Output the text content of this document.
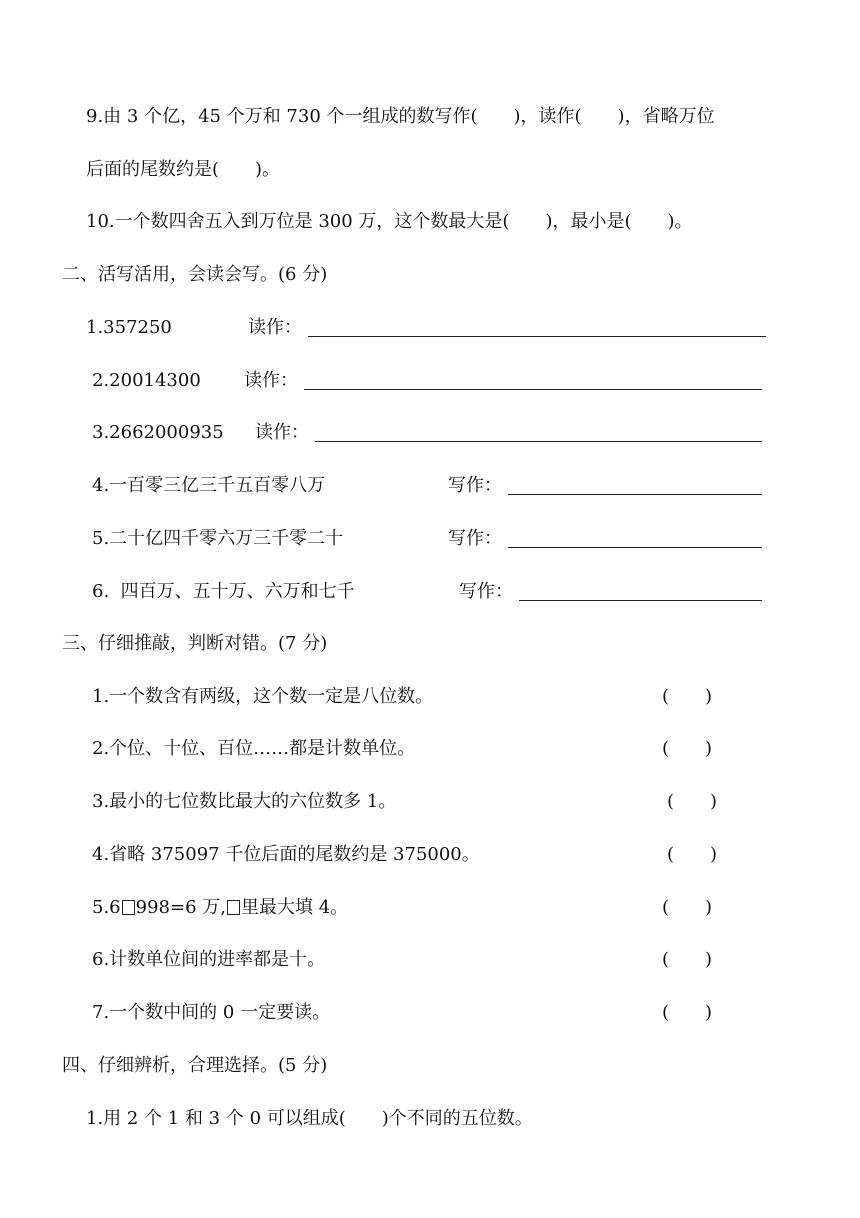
9.由 3 个亿，45 个万和 730 个一组成的数写作(　　)，读作(　　)，省略万位
后面的尾数约是(　　)。
10.一个数四舍五入到万位是 300 万，这个数最大是(　　)，最小是(　　)。
二、活写活用，会读会写。(6 分)
1.357250	读作：
2.20014300 读作：
3.2662000935 读作：
4.一百零三亿三千五百零八万	写作：
5.二十亿四千零六万三千零二十	写作：
6.  四百万、五十万、六万和七千	写作：
三、仔细推敲，判断对错。(7 分)
1.一个数含有两级，这个数一定是八位数。	(　　)
2.个位、十位、百位……都是计数单位。	(　　)
3.最小的七位数比最大的六位数多 1。	(　　)
4.省略 375097 千位后面的尾数约是 375000。	(　　)
5.6 998=6 万, 里最大填 4。	(　　)
6.计数单位间的进率都是十。	(　　)
7.一个数中间的 0 一定要读。	(　　)
四、仔细辨析，合理选择。(5 分)
1.用 2 个 1 和 3 个 0 可以组成(　　)个不同的五位数。
